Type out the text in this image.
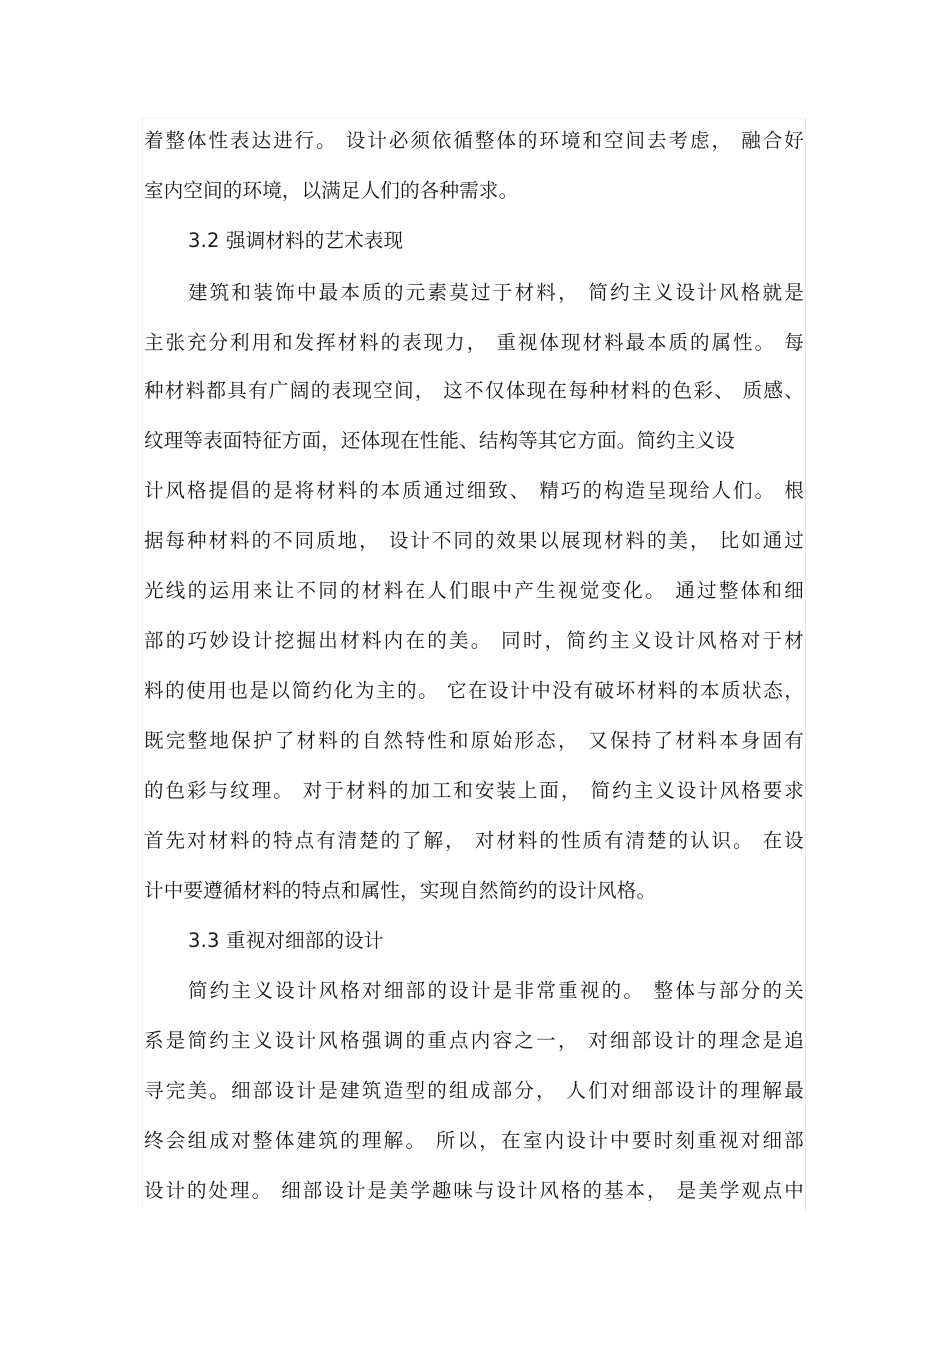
着整体性表达进行。 设计必须依循整体的环境和空间去考虑， 融合好
室内空间的环境，以满足人们的各种需求。
3.2 强调材料的艺术表现
建筑和装饰中最本质的元素莫过于材料， 简约主义设计风格就是
主张充分利用和发挥材料的表现力， 重视体现材料最本质的属性。 每
种材料都具有广阔的表现空间， 这不仅体现在每种材料的色彩、 质感、
纹理等表面特征方面，还体现在性能、结构等其它方面。简约主义设
计风格提倡的是将材料的本质通过细致、 精巧的构造呈现给人们。 根
据每种材料的不同质地， 设计不同的效果以展现材料的美， 比如通过
光线的运用来让不同的材料在人们眼中产生视觉变化。 通过整体和细
部的巧妙设计挖掘出材料内在的美。 同时，简约主义设计风格对于材
料的使用也是以简约化为主的。 它在设计中没有破坏材料的本质状态，
既完整地保护了材料的自然特性和原始形态， 又保持了材料本身固有
的色彩与纹理。 对于材料的加工和安装上面， 简约主义设计风格要求
首先对材料的特点有清楚的了解， 对材料的性质有清楚的认识。 在设
计中要遵循材料的特点和属性，实现自然简约的设计风格。
3.3 重视对细部的设计
简约主义设计风格对细部的设计是非常重视的。 整体与部分的关
系是简约主义设计风格强调的重点内容之一， 对细部设计的理念是追
寻完美。细部设计是建筑造型的组成部分， 人们对细部设计的理解最
终会组成对整体建筑的理解。 所以，在室内设计中要时刻重视对细部
设计的处理。 细部设计是美学趣味与设计风格的基本， 是美学观点中
